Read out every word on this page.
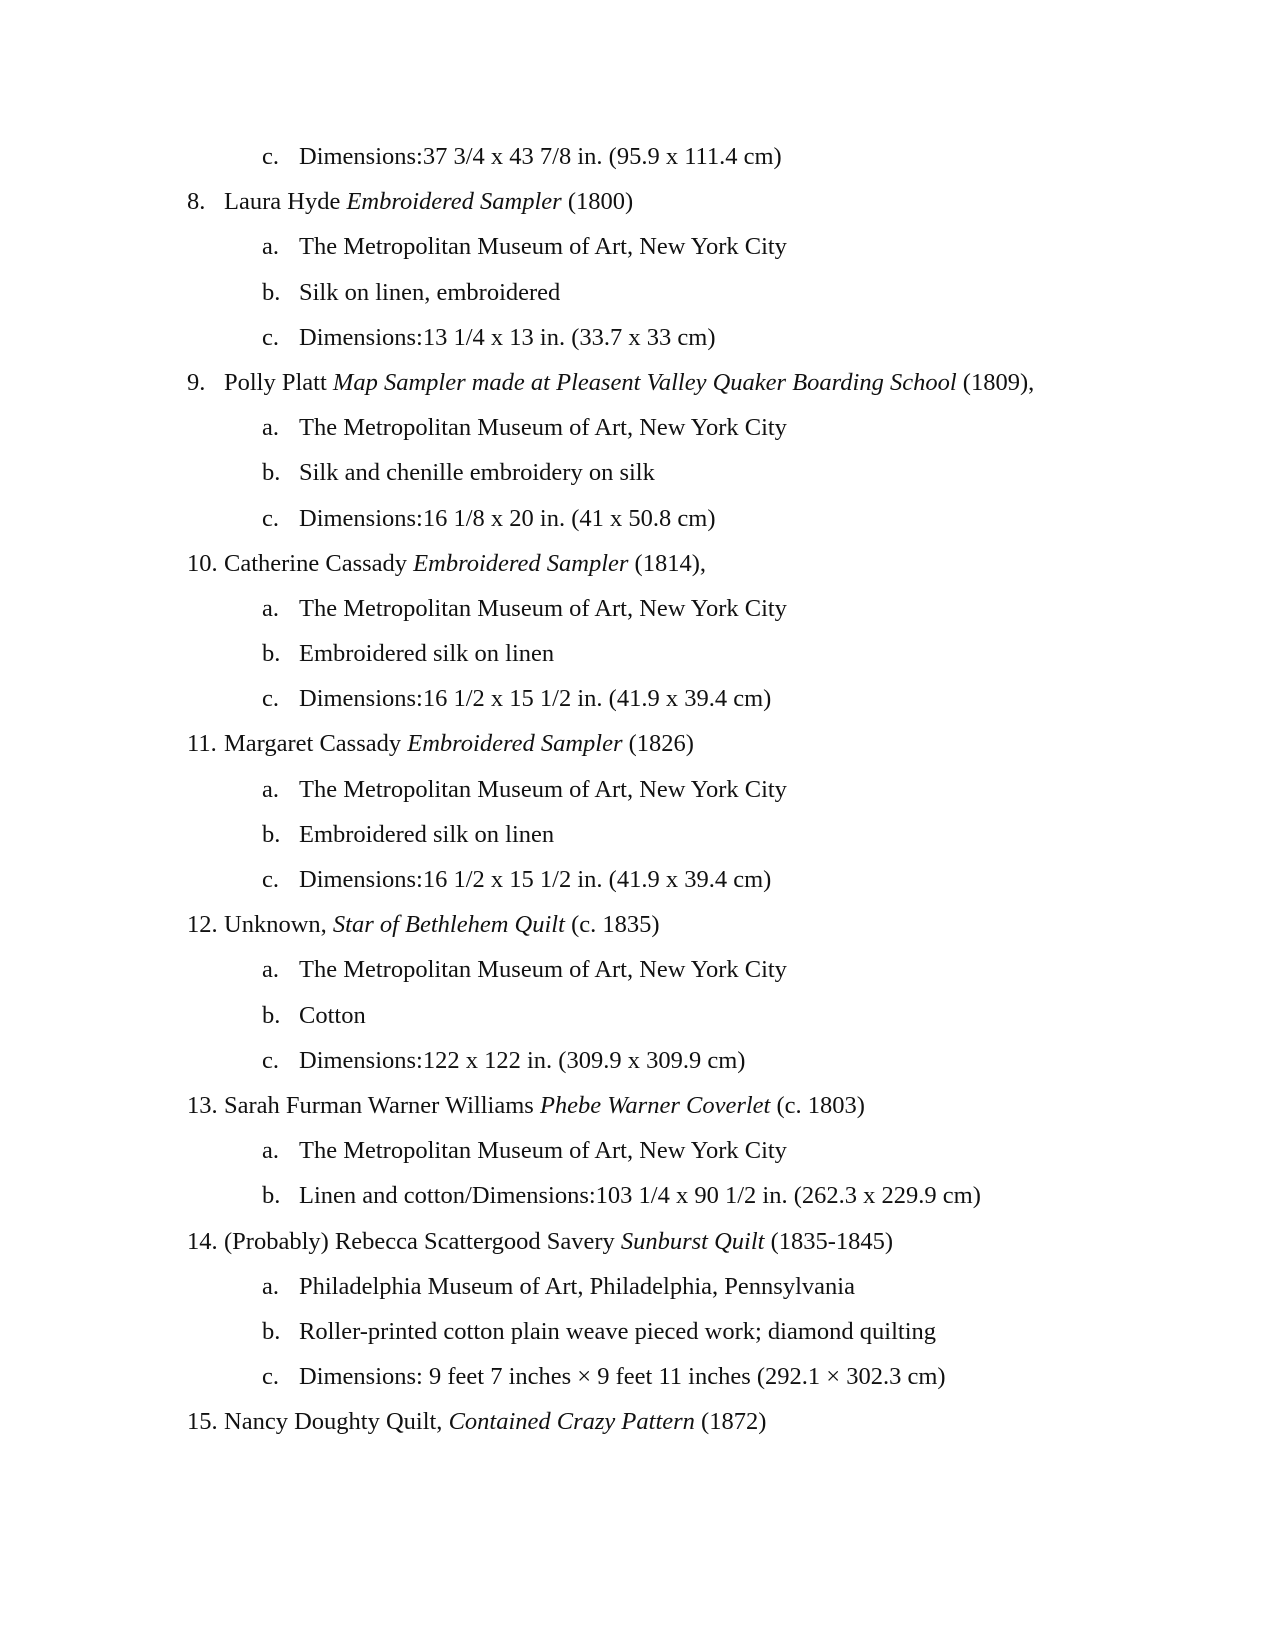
c. Dimensions:37 3/4 x 43 7/8 in. (95.9 x 111.4 cm)
8. Laura Hyde Embroidered Sampler (1800)
a. The Metropolitan Museum of Art, New York City
b. Silk on linen, embroidered
c. Dimensions:13 1/4 x 13 in. (33.7 x 33 cm)
9. Polly Platt Map Sampler made at Pleasent Valley Quaker Boarding School (1809),
a. The Metropolitan Museum of Art, New York City
b. Silk and chenille embroidery on silk
c. Dimensions:16 1/8 x 20 in. (41 x 50.8 cm)
10. Catherine Cassady Embroidered Sampler (1814),
a. The Metropolitan Museum of Art, New York City
b. Embroidered silk on linen
c. Dimensions:16 1/2 x 15 1/2 in. (41.9 x 39.4 cm)
11. Margaret Cassady Embroidered Sampler (1826)
a. The Metropolitan Museum of Art, New York City
b. Embroidered silk on linen
c. Dimensions:16 1/2 x 15 1/2 in. (41.9 x 39.4 cm)
12. Unknown, Star of Bethlehem Quilt (c. 1835)
a. The Metropolitan Museum of Art, New York City
b. Cotton
c. Dimensions:122 x 122 in. (309.9 x 309.9 cm)
13. Sarah Furman Warner Williams Phebe Warner Coverlet (c. 1803)
a. The Metropolitan Museum of Art, New York City
b. Linen and cotton/Dimensions:103 1/4 x 90 1/2 in. (262.3 x 229.9 cm)
14. (Probably) Rebecca Scattergood Savery Sunburst Quilt (1835-1845)
a. Philadelphia Museum of Art, Philadelphia, Pennsylvania
b. Roller-printed cotton plain weave pieced work; diamond quilting
c. Dimensions: 9 feet 7 inches × 9 feet 11 inches (292.1 × 302.3 cm)
15. Nancy Doughty Quilt, Contained Crazy Pattern (1872)
